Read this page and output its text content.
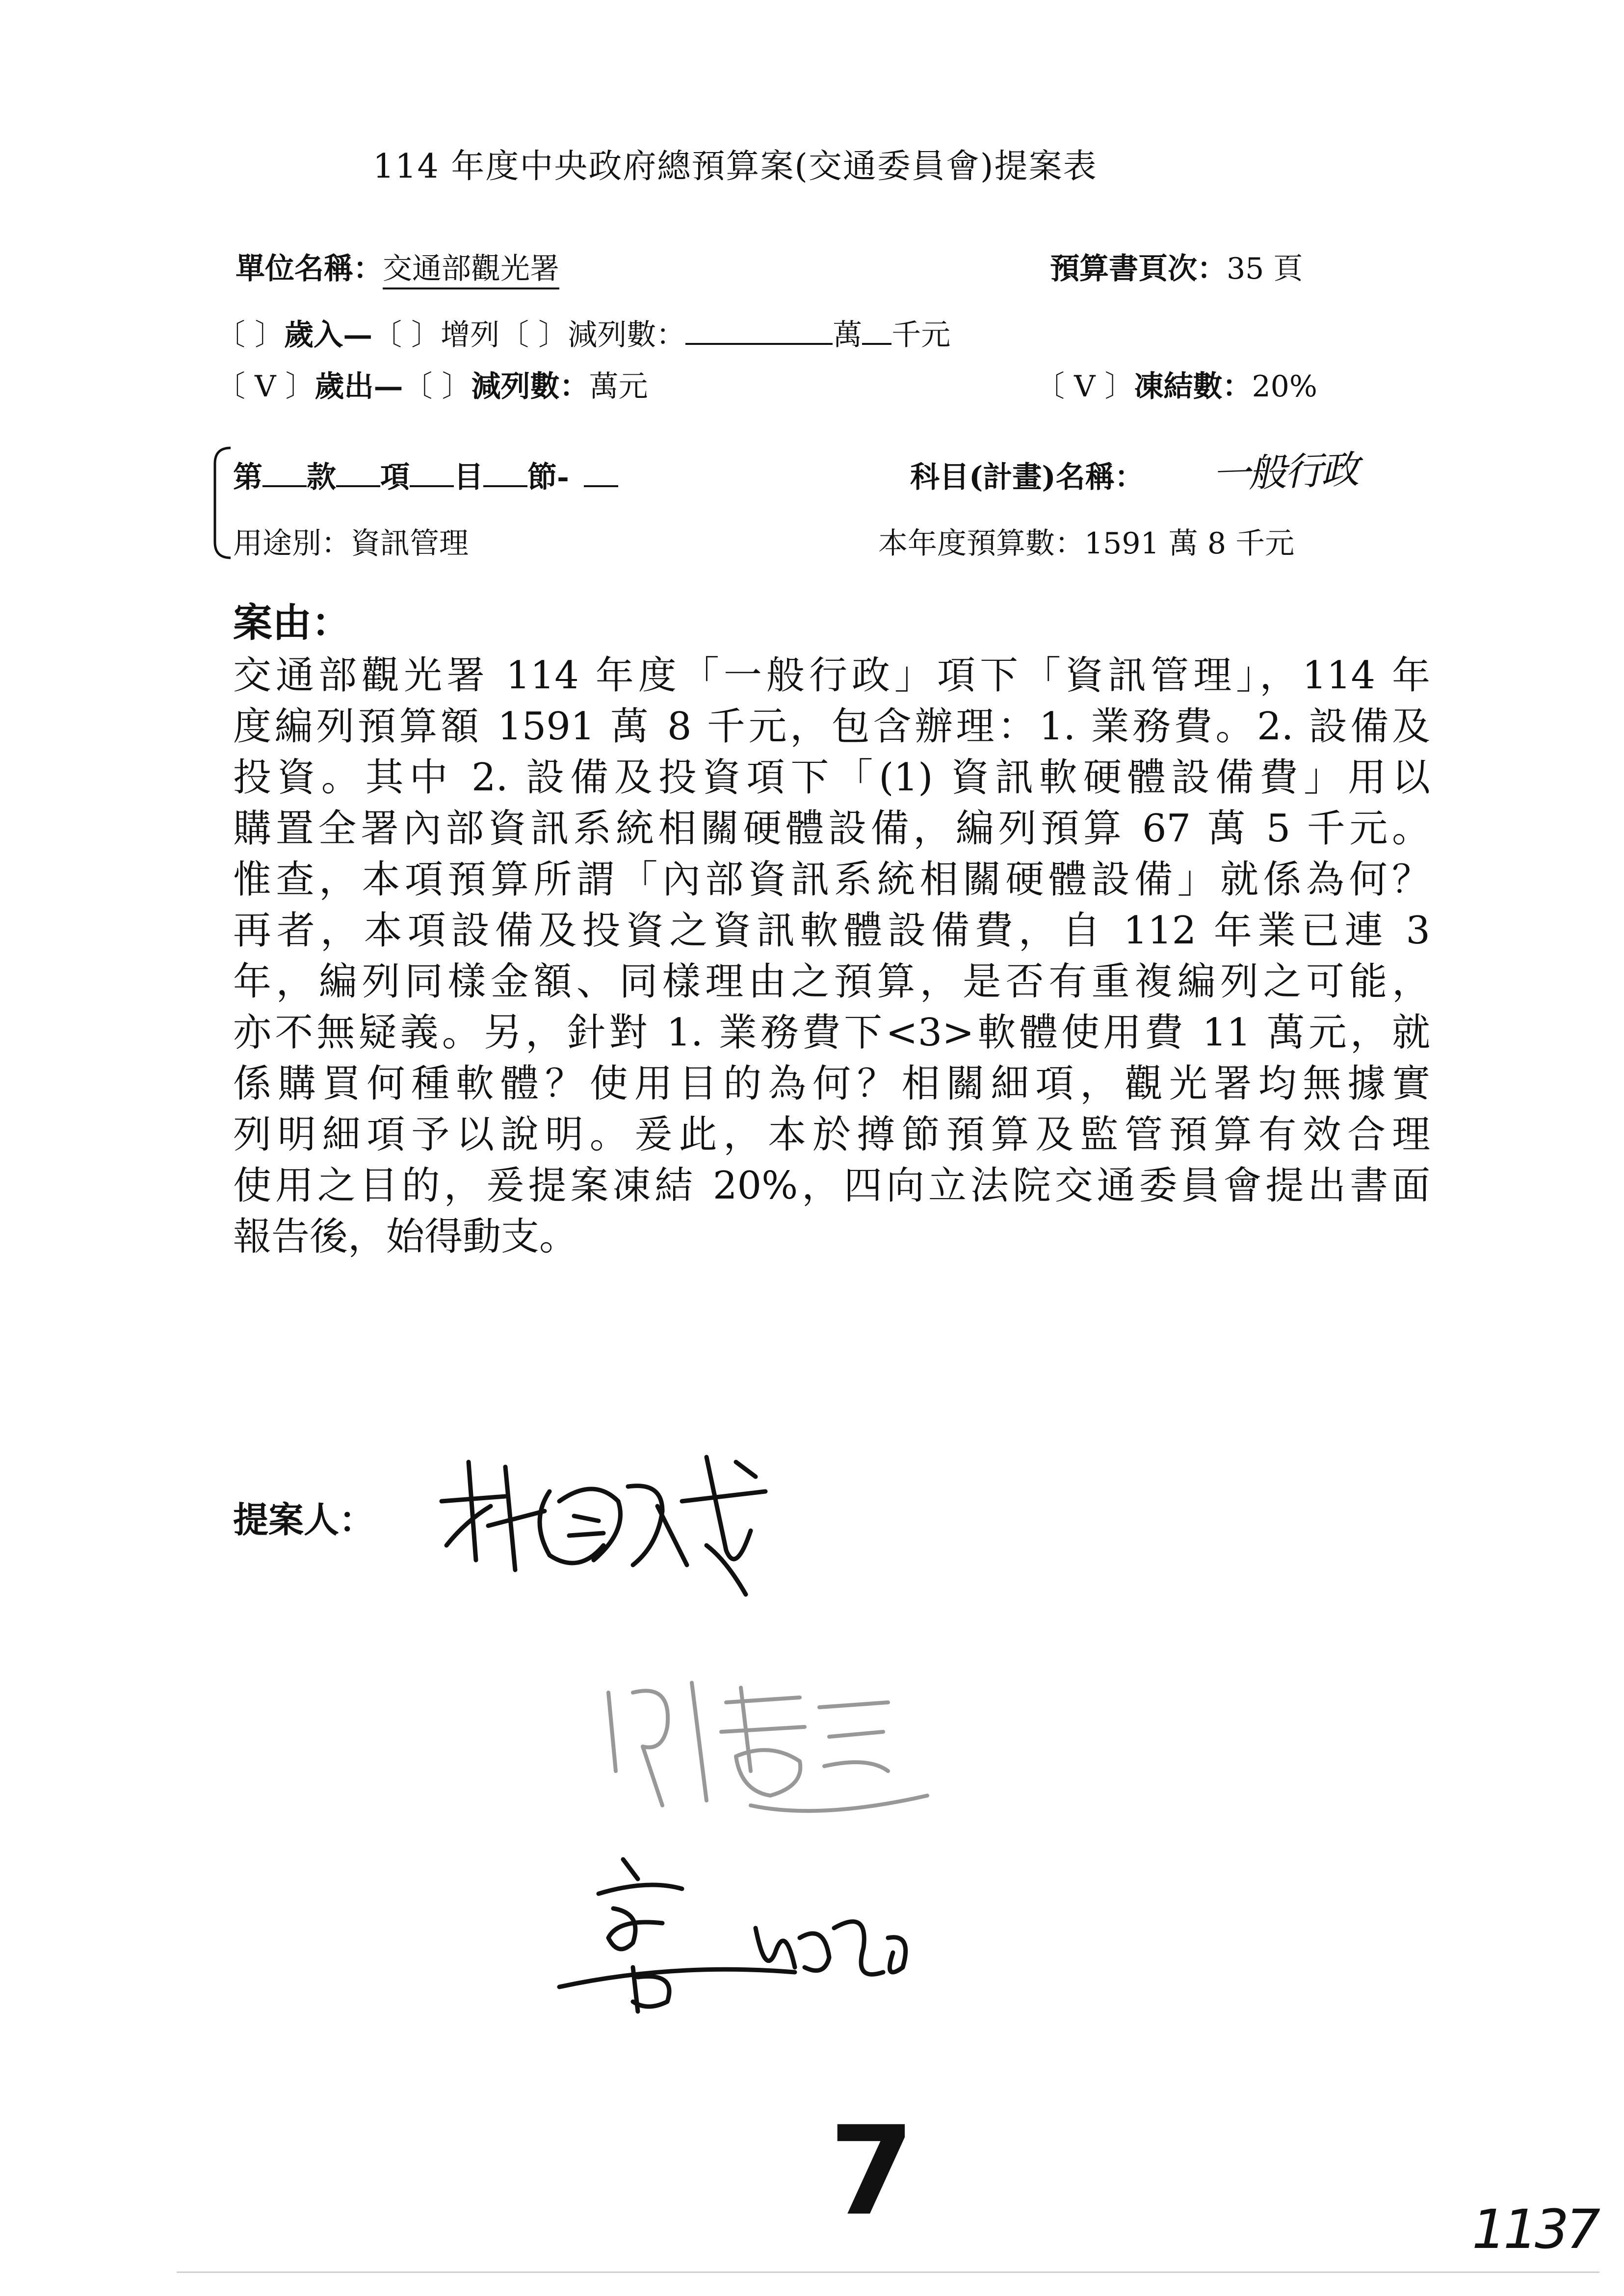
114 年度中央政府總預算案(交通委員會)提案表
單位名稱：交通部觀光署	預算書頁次：35 頁
〔 〕歲入—〔 〕增列〔 〕減列數：	萬 千元
〔 V 〕歲出—〔 〕減列數：萬元	〔 V 〕凍結數：20%
第 款 項 目 節-	科目(計畫)名稱： 一般行政
用途別：資訊管理	本年度預算數：1591 萬 8 千元
案由：
交通部觀光署 114 年度「一般行政」項下「資訊管理」，114 年
度編列預算額 1591 萬 8 千元，包含辦理：1. 業務費。2. 設備及
投資。其中 2. 設備及投資項下「(1) 資訊軟硬體設備費」用以
購置全署內部資訊系統相關硬體設備，編列預算 67 萬 5 千元。
惟查，本項預算所謂「內部資訊系統相關硬體設備」就係為何？
再者，本項設備及投資之資訊軟體設備費，自 112 年業已連 3
年，編列同樣金額、同樣理由之預算，是否有重複編列之可能，
亦不無疑義。另，針對 1. 業務費下<3>軟體使用費 11 萬元，就
係購買何種軟體？使用目的為何？相關細項，觀光署均無據實
列明細項予以說明。爰此，本於撙節預算及監管預算有效合理
使用之目的，爰提案凍結 20%，四向立法院交通委員會提出書面
報告後，始得動支。
提案人：
7	1137
